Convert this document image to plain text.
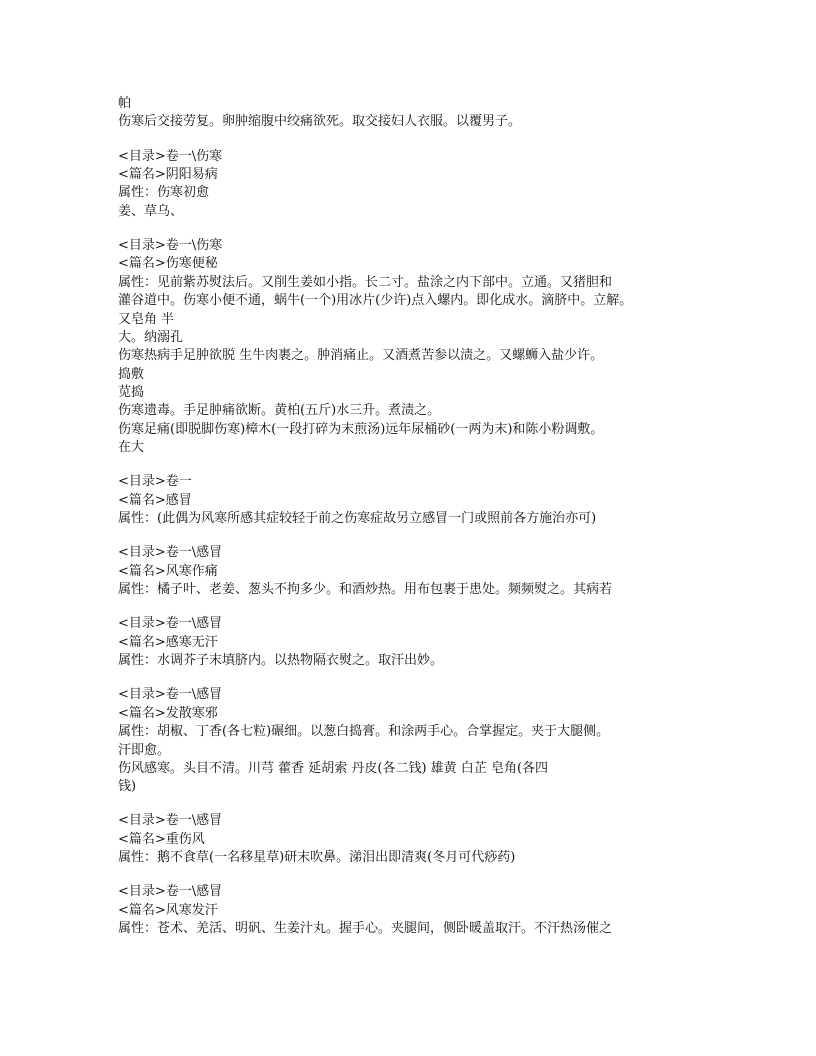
帕
伤寒后交接劳复。卵肿缩腹中绞痛欲死。取交接妇人衣服。以覆男子。
<目录>卷一\伤寒
<篇名>阴阳易病
属性：伤寒初愈
姜、草乌、
<目录>卷一\伤寒
<篇名>伤寒便秘
属性：见前紫苏熨法后。又削生姜如小指。长二寸。盐涂之内下部中。立通。又猪胆和
灌谷道中。伤寒小便不通，蜗牛(一个)用冰片(少许)点入螺内。即化成水。滴脐中。立解。
又皂角 半
大。纳溺孔
伤寒热病手足肿欲脱 生牛肉裹之。肿消痛止。又酒煮苦参以渍之。又螺蛳入盐少许。
捣敷
苋捣
伤寒遗毒。手足肿痛欲断。黄柏(五斤)水三升。煮渍之。
伤寒足痛(即脱脚伤寒)樟木(一段打碎为末煎汤)远年尿桶砂(一两为末)和陈小粉调敷。
在大
<目录>卷一
<篇名>感冒
属性：(此偶为风寒所感其症较轻于前之伤寒症故另立感冒一门或照前各方施治亦可)
<目录>卷一\感冒
<篇名>风寒作痛
属性：橘子叶、老姜、葱头不拘多少。和酒炒热。用布包裹于患处。频频熨之。其病若
<目录>卷一\感冒
<篇名>感寒无汗
属性：水调芥子末填脐内。以热物隔衣熨之。取汗出妙。
<目录>卷一\感冒
<篇名>发散寒邪
属性：胡椒、丁香(各七粒)碾细。以葱白捣膏。和涂两手心。合掌握定。夹于大腿侧。
汗即愈。
伤风感寒。头目不清。川芎 藿香 延胡索 丹皮(各二钱) 雄黄 白芷 皂角(各四
钱)
<目录>卷一\感冒
<篇名>重伤风
属性：鹅不食草(一名移星草)研末吹鼻。涕泪出即清爽(冬月可代痧药)
<目录>卷一\感冒
<篇名>风寒发汗
属性：苍术、羌活、明矾、生姜汁丸。握手心。夹腿间，侧卧暖盖取汗。不汗热汤催之
